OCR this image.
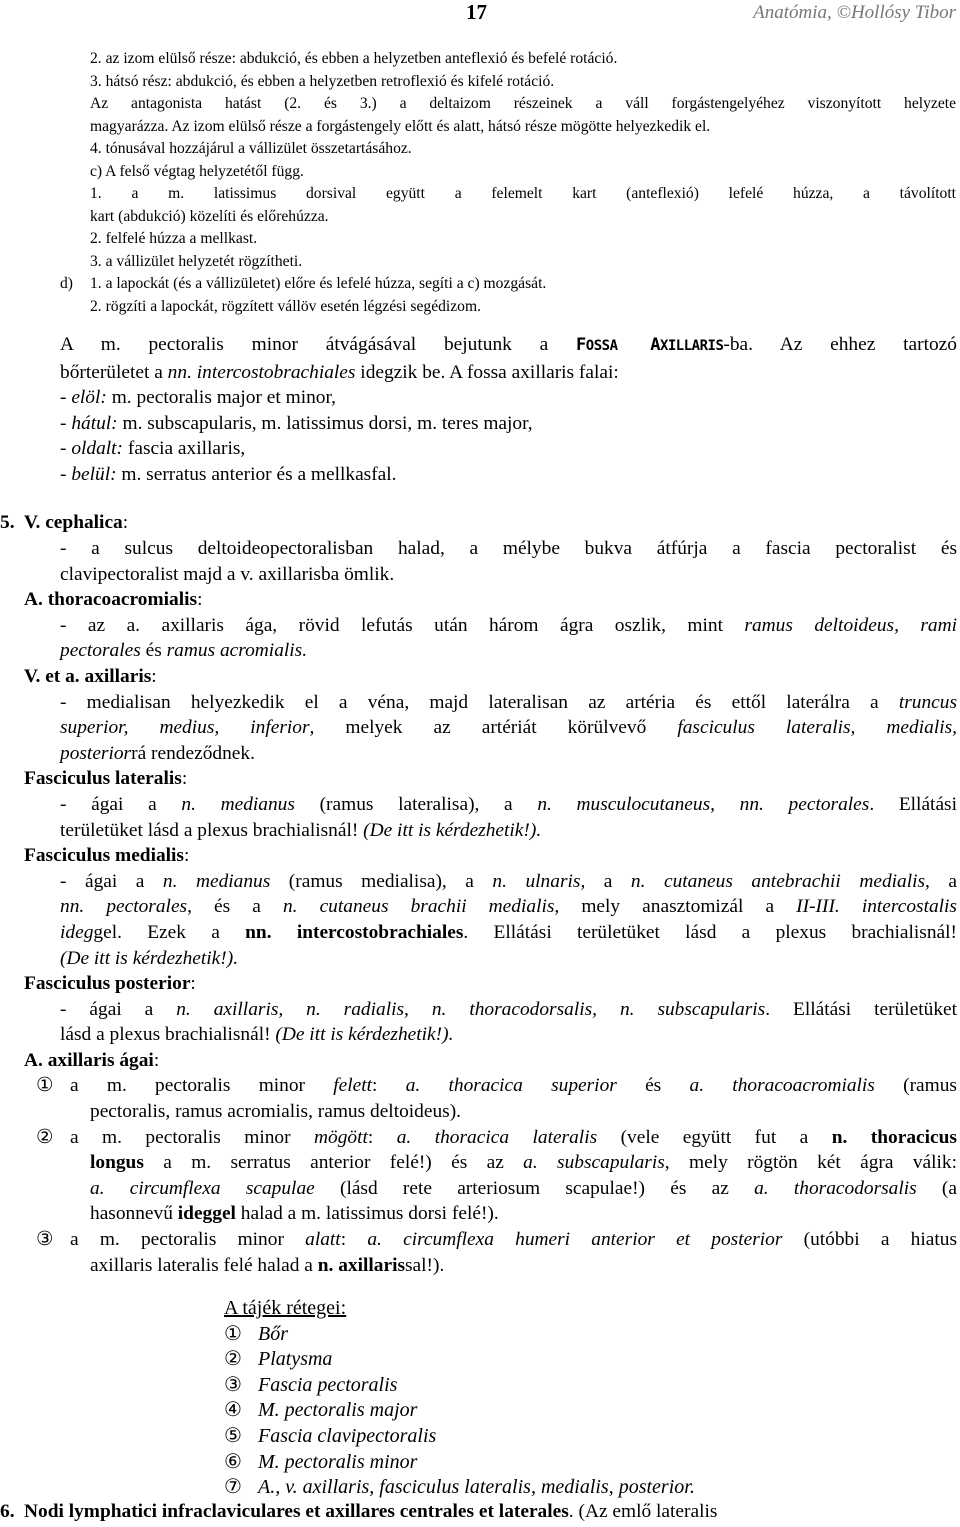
17	Anatómia, ©Hollósy Tibor

2. az izom elülső része: abdukció, és ebben a helyzetben anteflexió és befelé rotáció.

3. hátsó rész: abdukció, és ebben a helyzetben retroflexió és kifelé rotáció.

Az antagonista hatást (2. és 3.) a deltaizom részeinek a váll forgástengelyéhez viszonyított helyzete

magyarázza. Az izom elülső része a forgástengely előtt és alatt, hátsó része mögötte helyezkedik el.

4. tónusával hozzájárul a vállizület összetartásához.

c) A felső végtag helyzetétől függ.

1. a m. latissimus dorsival együtt a felemelt kart (anteflexió) lefelé húzza, a távolított

kart (abdukció) közelíti és előrehúzza.

2. felfelé húzza a mellkast.

3. a vállizület helyzetét rögzítheti.

d) 1. a lapockát (és a vállizületet) előre és lefelé húzza, segíti a c) mozgását.

2. rögzíti a lapockát, rögzített vállöv esetén légzési segédizom.

A m. pectoralis minor átvágásával bejutunk a FOSSA AXILLARIS-ba. Az ehhez tartozó

bőrterületet a nn. intercostobrachiales idegzik be. A fossa axillaris falai:

- elöl: m. pectoralis major et minor,

- hátul: m. subscapularis, m. latissimus dorsi, m. teres major,

- oldalt: fascia axillaris,

- belül: m. serratus anterior és a mellkasfal.

5. V. cephalica:

- a sulcus deltoideopectoralisban halad, a mélybe bukva átfúrja a fascia pectoralist és

clavipectoralist majd a v. axillarisba ömlik.

A. thoracoacromialis:

- az a. axillaris ága, rövid lefutás után három ágra oszlik, mint ramus deltoideus, rami

pectorales és ramus acromialis.

V. et a. axillaris:

- medialisan helyezkedik el a véna, majd lateralisan az artéria és ettől laterálra a truncus

superior, medius, inferior, melyek az artériát körülvevő fasciculus lateralis, medialis,

posteriorrá rendeződnek.

Fasciculus lateralis:

- ágai a n. medianus (ramus lateralisa), a n. musculocutaneus, nn. pectorales. Ellátási

területüket lásd a plexus brachialisnál! (De itt is kérdezhetik!).

Fasciculus medialis:

- ágai a n. medianus (ramus medialisa), a n. ulnaris, a n. cutaneus antebrachii medialis, a

nn. pectorales, és a n. cutaneus brachii medialis, mely anasztomizál a II-III. intercostalis

ideggel. Ezek a nn. intercostobrachiales. Ellátási területüket lásd a plexus brachialisnál!

(De itt is kérdezhetik!).

Fasciculus posterior:

- ágai a n. axillaris, n. radialis, n. thoracodorsalis, n. subscapularis. Ellátási területüket

lásd a plexus brachialisnál! (De itt is kérdezhetik!).

A. axillaris ágai:

① a m. pectoralis minor felett: a. thoracica superior és a. thoracoacromialis (ramus

pectoralis, ramus acromialis, ramus deltoideus).

② a m. pectoralis minor mögött: a. thoracica lateralis (vele együtt fut a n. thoracicus

longus a m. serratus anterior felé!) és az a. subscapularis, mely rögtön két ágra válik:

a. circumflexa scapulae (lásd rete arteriosum scapulae!) és az a. thoracodorsalis (a

hasonnevű ideggel halad a m. latissimus dorsi felé!).

③ a m. pectoralis minor alatt: a. circumflexa humeri anterior et posterior (utóbbi a hiatus

axillaris lateralis felé halad a n. axillarissal!).

A tájék rétegei:

① Bőr

② Platysma

③ Fascia pectoralis

④ M. pectoralis major

⑤ Fascia clavipectoralis

⑥ M. pectoralis minor

⑦ A., v. axillaris, fasciculus lateralis, medialis, posterior.

6. Nodi lymphatici infraclaviculares et axillares centrales et laterales. (Az emlő lateralis
